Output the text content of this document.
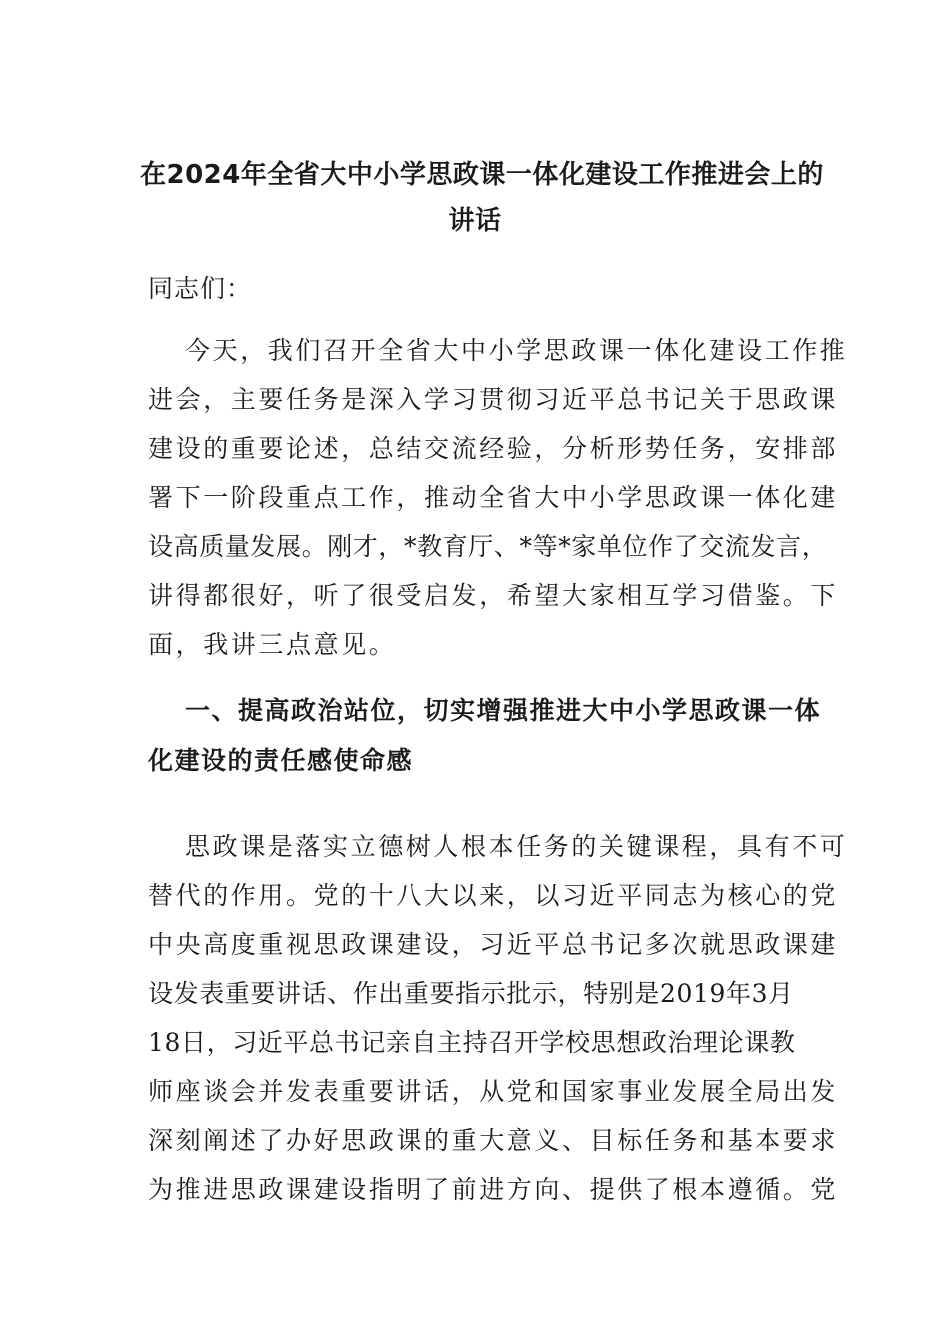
在2024年全省大中小学思政课一体化建设工作推进会上的
讲话
同志们：
今天，我们召开全省大中小学思政课一体化建设工作推
进会，主要任务是深入学习贯彻习近平总书记关于思政课
建设的重要论述，总结交流经验，分析形势任务，安排部
署下一阶段重点工作，推动全省大中小学思政课一体化建
设高质量发展。刚才，*教育厅、*等*家单位作了交流发言，
讲得都很好，听了很受启发，希望大家相互学习借鉴。下
面，我讲三点意见。
一、提高政治站位，切实增强推进大中小学思政课一体
化建设的责任感使命感
思政课是落实立德树人根本任务的关键课程，具有不可
替代的作用。党的十八大以来，以习近平同志为核心的党
中央高度重视思政课建设，习近平总书记多次就思政课建
设发表重要讲话、作出重要指示批示，特别是2019年3月
18日，习近平总书记亲自主持召开学校思想政治理论课教
师座谈会并发表重要讲话，从党和国家事业发展全局出发
深刻阐述了办好思政课的重大意义、目标任务和基本要求
为推进思政课建设指明了前进方向、提供了根本遵循。党
